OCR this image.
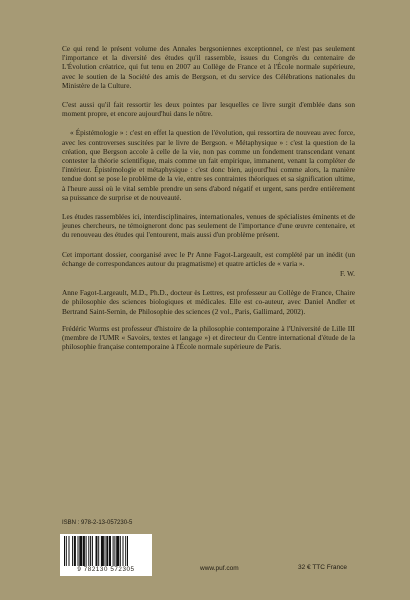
Ce qui rend le présent volume des Annales bergsoniennes exceptionnel, ce n'est pas seulement l'importance et la diversité des études qu'il rassemble, issues du Congrès du centenaire de L'Évolution créatrice, qui fut tenu en 2007 au Collège de France et à l'École normale supérieure, avec le soutien de la Société des amis de Bergson, et du service des Célébrations nationales du Ministère de la Culture.

C'est aussi qu'il fait ressortir les deux pointes par lesquelles ce livre surgit d'emblée dans son moment propre, et encore aujourd'hui dans le nôtre.

« Épistémologie » : c'est en effet la question de l'évolution, qui ressortira de nouveau avec force, avec les controverses suscitées par le livre de Bergson. « Métaphysique » : c'est la question de la création, que Bergson accole à celle de la vie, non pas comme un fondement transcendant venant contester la théorie scientifique, mais comme un fait empirique, immanent, venant la compléter de l'intérieur. Épistémologie et métaphysique : c'est donc bien, aujourd'hui comme alors, la manière tendue dont se pose le problème de la vie, entre ses contraintes théoriques et sa signification ultime, à l'heure aussi où le vital semble prendre un sens d'abord négatif et urgent, sans perdre entièrement sa puissance de surprise et de nouveauté.

Les études rassemblées ici, interdisciplinaires, internationales, venues de spécialistes éminents et de jeunes chercheurs, ne témoigneront donc pas seulement de l'importance d'une œuvre centenaire, et du renouveau des études qui l'entourent, mais aussi d'un problème présent.

Cet important dossier, coorganisé avec le Pr Anne Fagot-Largeault, est complété par un inédit (un échange de correspondances autour du pragmatisme) et quatre articles de « varia ».

F. W.

Anne Fagot-Largeault, M.D., Ph.D., docteur ès Lettres, est professeur au Collège de France, Chaire de philosophie des sciences biologiques et médicales. Elle est co-auteur, avec Daniel Andler et Bertrand Saint-Sernin, de Philosophie des sciences (2 vol., Paris, Gallimard, 2002).

Frédéric Worms est professeur d'histoire de la philosophie contemporaine à l'Université de Lille III (membre de l'UMR « Savoirs, textes et langage ») et directeur du Centre international d'étude de la philosophie française contemporaine à l'École normale supérieure de Paris.

ISBN : 978-2-13-057230-5
9 782130 572305	www.puf.com	32 € TTC France
